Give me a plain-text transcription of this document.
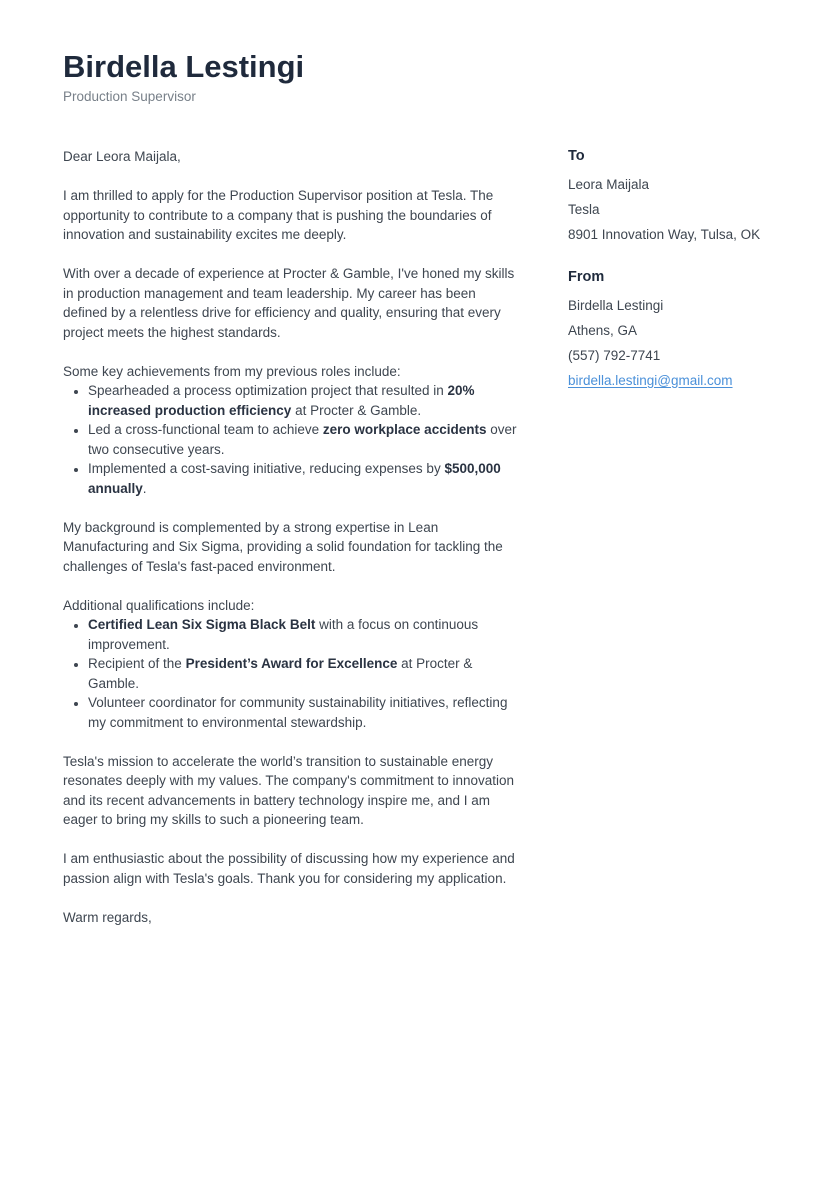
Birdella Lestingi
Production Supervisor

Dear Leora Maijala,

I am thrilled to apply for the Production Supervisor position at Tesla. The opportunity to contribute to a company that is pushing the boundaries of innovation and sustainability excites me deeply.

With over a decade of experience at Procter & Gamble, I've honed my skills in production management and team leadership. My career has been defined by a relentless drive for efficiency and quality, ensuring that every project meets the highest standards.

Some key achievements from my previous roles include:

• Spearheaded a process optimization project that resulted in 20% increased production efficiency at Procter & Gamble.
• Led a cross-functional team to achieve zero workplace accidents over two consecutive years.
• Implemented a cost-saving initiative, reducing expenses by $500,000 annually.

My background is complemented by a strong expertise in Lean Manufacturing and Six Sigma, providing a solid foundation for tackling the challenges of Tesla's fast-paced environment.

Additional qualifications include:

• Certified Lean Six Sigma Black Belt with a focus on continuous improvement.
• Recipient of the President’s Award for Excellence at Procter & Gamble.
• Volunteer coordinator for community sustainability initiatives, reflecting my commitment to environmental stewardship.

Tesla's mission to accelerate the world’s transition to sustainable energy resonates deeply with my values. The company's commitment to innovation and its recent advancements in battery technology inspire me, and I am eager to bring my skills to such a pioneering team.

I am enthusiastic about the possibility of discussing how my experience and passion align with Tesla's goals. Thank you for considering my application.

Warm regards,

To

Leora Maijala

Tesla

8901 Innovation Way, Tulsa, OK

From

Birdella Lestingi

Athens, GA

(557) 792-7741

birdella.lestingi@gmail.com
